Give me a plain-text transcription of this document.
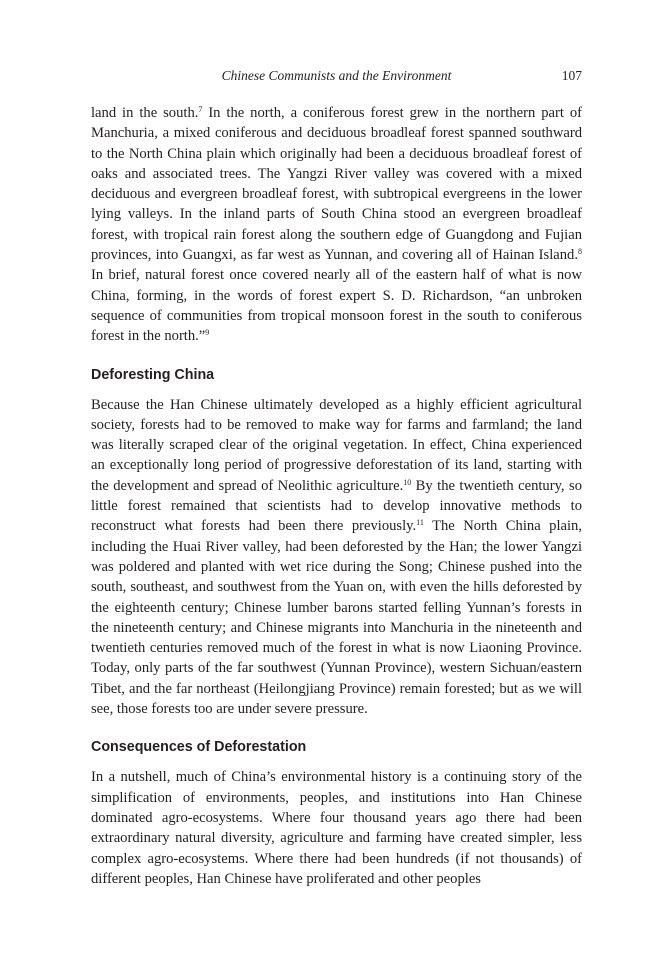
Chinese Communists and the Environment	107

land in the south.$^7$ In the north, a coniferous forest grew in the northern part of Manchuria, a mixed coniferous and deciduous broadleaf forest spanned southward to the North China plain which originally had been a deciduous broadleaf forest of oaks and associated trees. The Yangzi River valley was covered with a mixed deciduous and evergreen broadleaf forest, with subtropical evergreens in the lower lying valleys. In the inland parts of South China stood an evergreen broadleaf forest, with tropical rain forest along the southern edge of Guangdong and Fujian provinces, into Guangxi, as far west as Yunnan, and covering all of Hainan Island.$^8$ In brief, natural forest once covered nearly all of the eastern half of what is now China, forming, in the words of forest expert S. D. Richardson, “an unbroken sequence of communities from tropical monsoon forest in the south to coniferous forest in the north.”$^9$

Deforesting China

Because the Han Chinese ultimately developed as a highly efficient agricultural society, forests had to be removed to make way for farms and farmland; the land was literally scraped clear of the original vegetation. In effect, China experienced an exceptionally long period of progressive deforestation of its land, starting with the development and spread of Neolithic agriculture.$^{10}$ By the twentieth century, so little forest remained that scientists had to develop innovative methods to reconstruct what forests had been there previously.$^{11}$ The North China plain, including the Huai River valley, had been deforested by the Han; the lower Yangzi was poldered and planted with wet rice during the Song; Chinese pushed into the south, southeast, and southwest from the Yuan on, with even the hills deforested by the eighteenth century; Chinese lumber barons started felling Yunnan’s forests in the nineteenth century; and Chinese migrants into Manchuria in the nineteenth and twentieth centuries removed much of the forest in what is now Liaoning Province. Today, only parts of the far southwest (Yunnan Province), western Sichuan/eastern Tibet, and the far northeast (Heilongjiang Province) remain forested; but as we will see, those forests too are under severe pressure.

Consequences of Deforestation

In a nutshell, much of China’s environmental history is a continuing story of the simplification of environments, peoples, and institutions into Han Chinese dominated agro-ecosystems. Where four thousand years ago there had been extraordinary natural diversity, agriculture and farming have created simpler, less complex agro-ecosystems. Where there had been hundreds (if not thousands) of different peoples, Han Chinese have proliferated and other peoples
